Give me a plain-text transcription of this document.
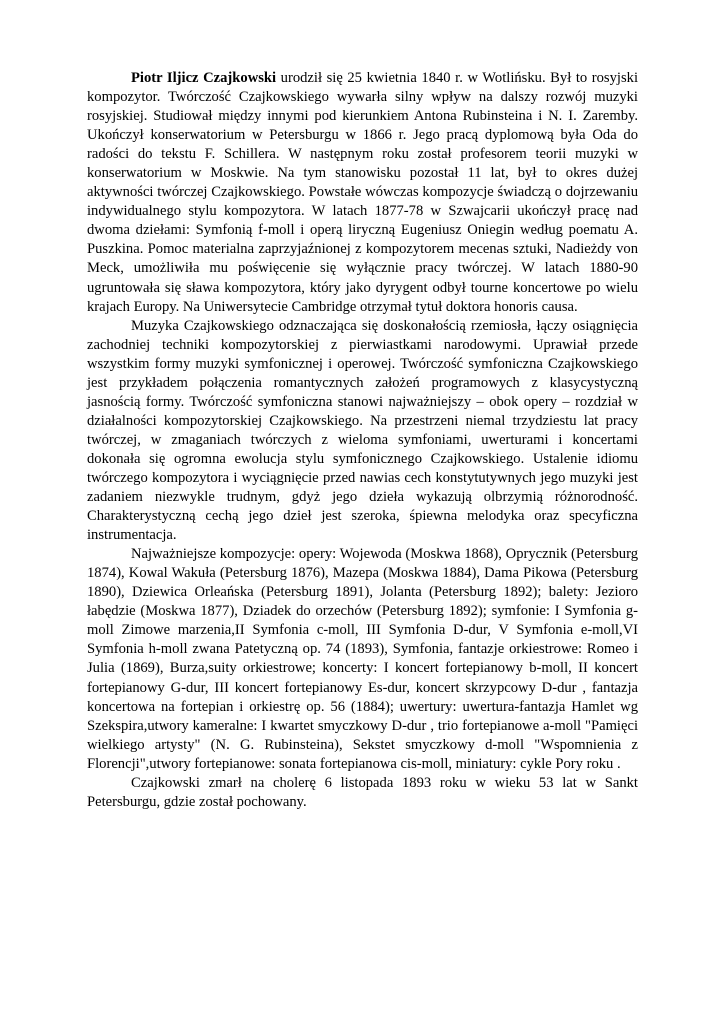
Piotr Iljicz Czajkowski urodził się 25 kwietnia 1840 r. w Wotlińsku. Był to rosyjski kompozytor. Twórczość Czajkowskiego wywarła silny wpływ na dalszy rozwój muzyki rosyjskiej. Studiował między innymi pod kierunkiem Antona Rubinsteina i N. I. Zaremby. Ukończył konserwatorium w Petersburgu w 1866 r. Jego pracą dyplomową była Oda do radości do tekstu F. Schillera. W następnym roku został profesorem teorii muzyki w konserwatorium w Moskwie. Na tym stanowisku pozostał 11 lat, był to okres dużej aktywności twórczej Czajkowskiego. Powstałe wówczas kompozycje świadczą o dojrzewaniu indywidualnego stylu kompozytora. W latach 1877-78 w Szwajcarii ukończył pracę nad dwoma dziełami: Symfonią f-moll i operą liryczną Eugeniusz Oniegin według poematu A. Puszkina. Pomoc materialna zaprzyjaźnionej z kompozytorem mecenas sztuki, Nadieżdy von Meck, umożliwiła mu poświęcenie się wyłącznie pracy twórczej. W latach 1880-90 ugruntowała się sława kompozytora, który jako dyrygent odbył tourne koncertowe po wielu krajach Europy. Na Uniwersytecie Cambridge otrzymał tytuł doktora honoris causa.

Muzyka Czajkowskiego odznaczająca się doskonałością rzemiosła, łączy osiągnięcia zachodniej techniki kompozytorskiej z pierwiastkami narodowymi. Uprawiał przede wszystkim formy muzyki symfonicznej i operowej. Twórczość symfoniczna Czajkowskiego jest przykładem połączenia romantycznych założeń programowych z klasycystyczną jasnością formy. Twórczość symfoniczna stanowi najważniejszy – obok opery – rozdział w działalności kompozytorskiej Czajkowskiego. Na przestrzeni niemal trzydziestu lat pracy twórczej, w zmaganiach twórczych z wieloma symfoniami, uwerturami i koncertami dokonała się ogromna ewolucja stylu symfonicznego Czajkowskiego. Ustalenie idiomu twórczego kompozytora i wyciągnięcie przed nawias cech konstytutywnych jego muzyki jest zadaniem niezwykle trudnym, gdyż jego dzieła wykazują olbrzymią różnorodność. Charakterystyczną cechą jego dzieł jest szeroka, śpiewna melodyka oraz specyficzna instrumentacja.

Najważniejsze kompozycje: opery: Wojewoda (Moskwa 1868), Oprycznik (Petersburg 1874), Kowal Wakuła (Petersburg 1876), Mazepa (Moskwa 1884), Dama Pikowa (Petersburg 1890), Dziewica Orleańska (Petersburg 1891), Jolanta (Petersburg 1892); balety: Jezioro łabędzie (Moskwa 1877), Dziadek do orzechów (Petersburg 1892); symfonie: I Symfonia g-moll Zimowe marzenia,II Symfonia c-moll, III Symfonia D-dur, V Symfonia e-moll,VI Symfonia h-moll zwana Patetyczną op. 74 (1893), Symfonia, fantazje orkiestrowe: Romeo i Julia (1869), Burza,suity orkiestrowe; koncerty: I koncert fortepianowy b-moll, II koncert fortepianowy G-dur, III koncert fortepianowy Es-dur, koncert skrzypcowy D-dur , fantazja koncertowa na fortepian i orkiestrę op. 56 (1884); uwertury: uwertura-fantazja Hamlet wg Szekspira,utwory kameralne: I kwartet smyczkowy D-dur , trio fortepianowe a-moll "Pamięci wielkiego artysty" (N. G. Rubinsteina), Sekstet smyczkowy d-moll "Wspomnienia z Florencji",utwory fortepianowe: sonata fortepianowa cis-moll, miniatury: cykle Pory roku .

Czajkowski zmarł na cholerę 6 listopada 1893 roku w wieku 53 lat w Sankt Petersburgu, gdzie został pochowany.
